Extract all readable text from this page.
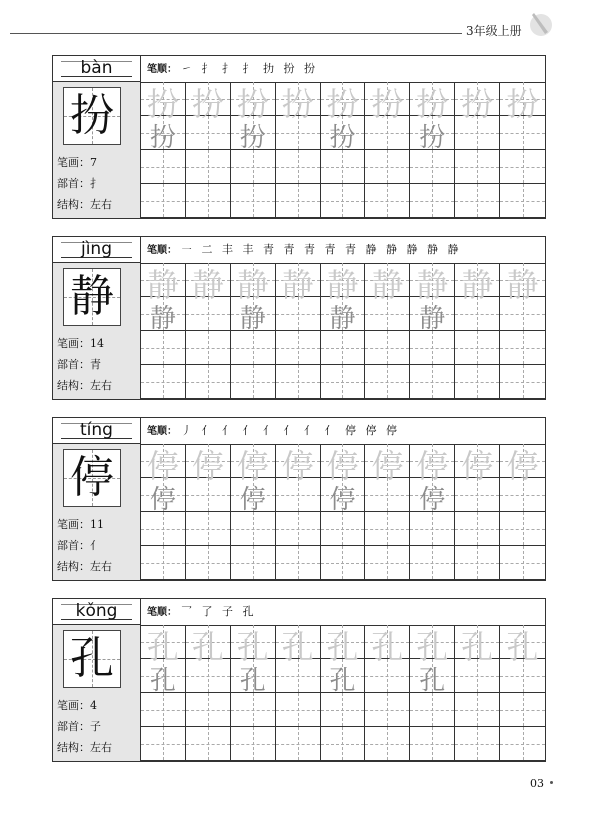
3年级上册
bàn
扮
笔画：7
部首：扌
结构：左右
笔顺： ㇀ 扌 扌 扌 扐 扮 扮
扮 扮 扮 扮 扮 扮 扮 扮 扮
扮	扮	扮	扮
jìng
静
笔画：14
部首：青
结构：左右
笔顺： ㇐ 二 丰 丰 青 青 青 青 青 静 静 静 静 静
静 静 静 静 静 静 静 静 静
静	静	静	静
tíng
停
笔画：11
部首：亻
结构：左右
笔顺： 丿 亻 亻 亻 亻 亻 亻 亻 停 停 停
停 停 停 停 停 停 停 停 停
停	停	停	停
kǒng
孔
笔画：4
部首：子
结构：左右
笔顺： 乛 了 子 孔
孔 孔 孔 孔 孔 孔 孔 孔 孔
孔	孔	孔	孔
03
